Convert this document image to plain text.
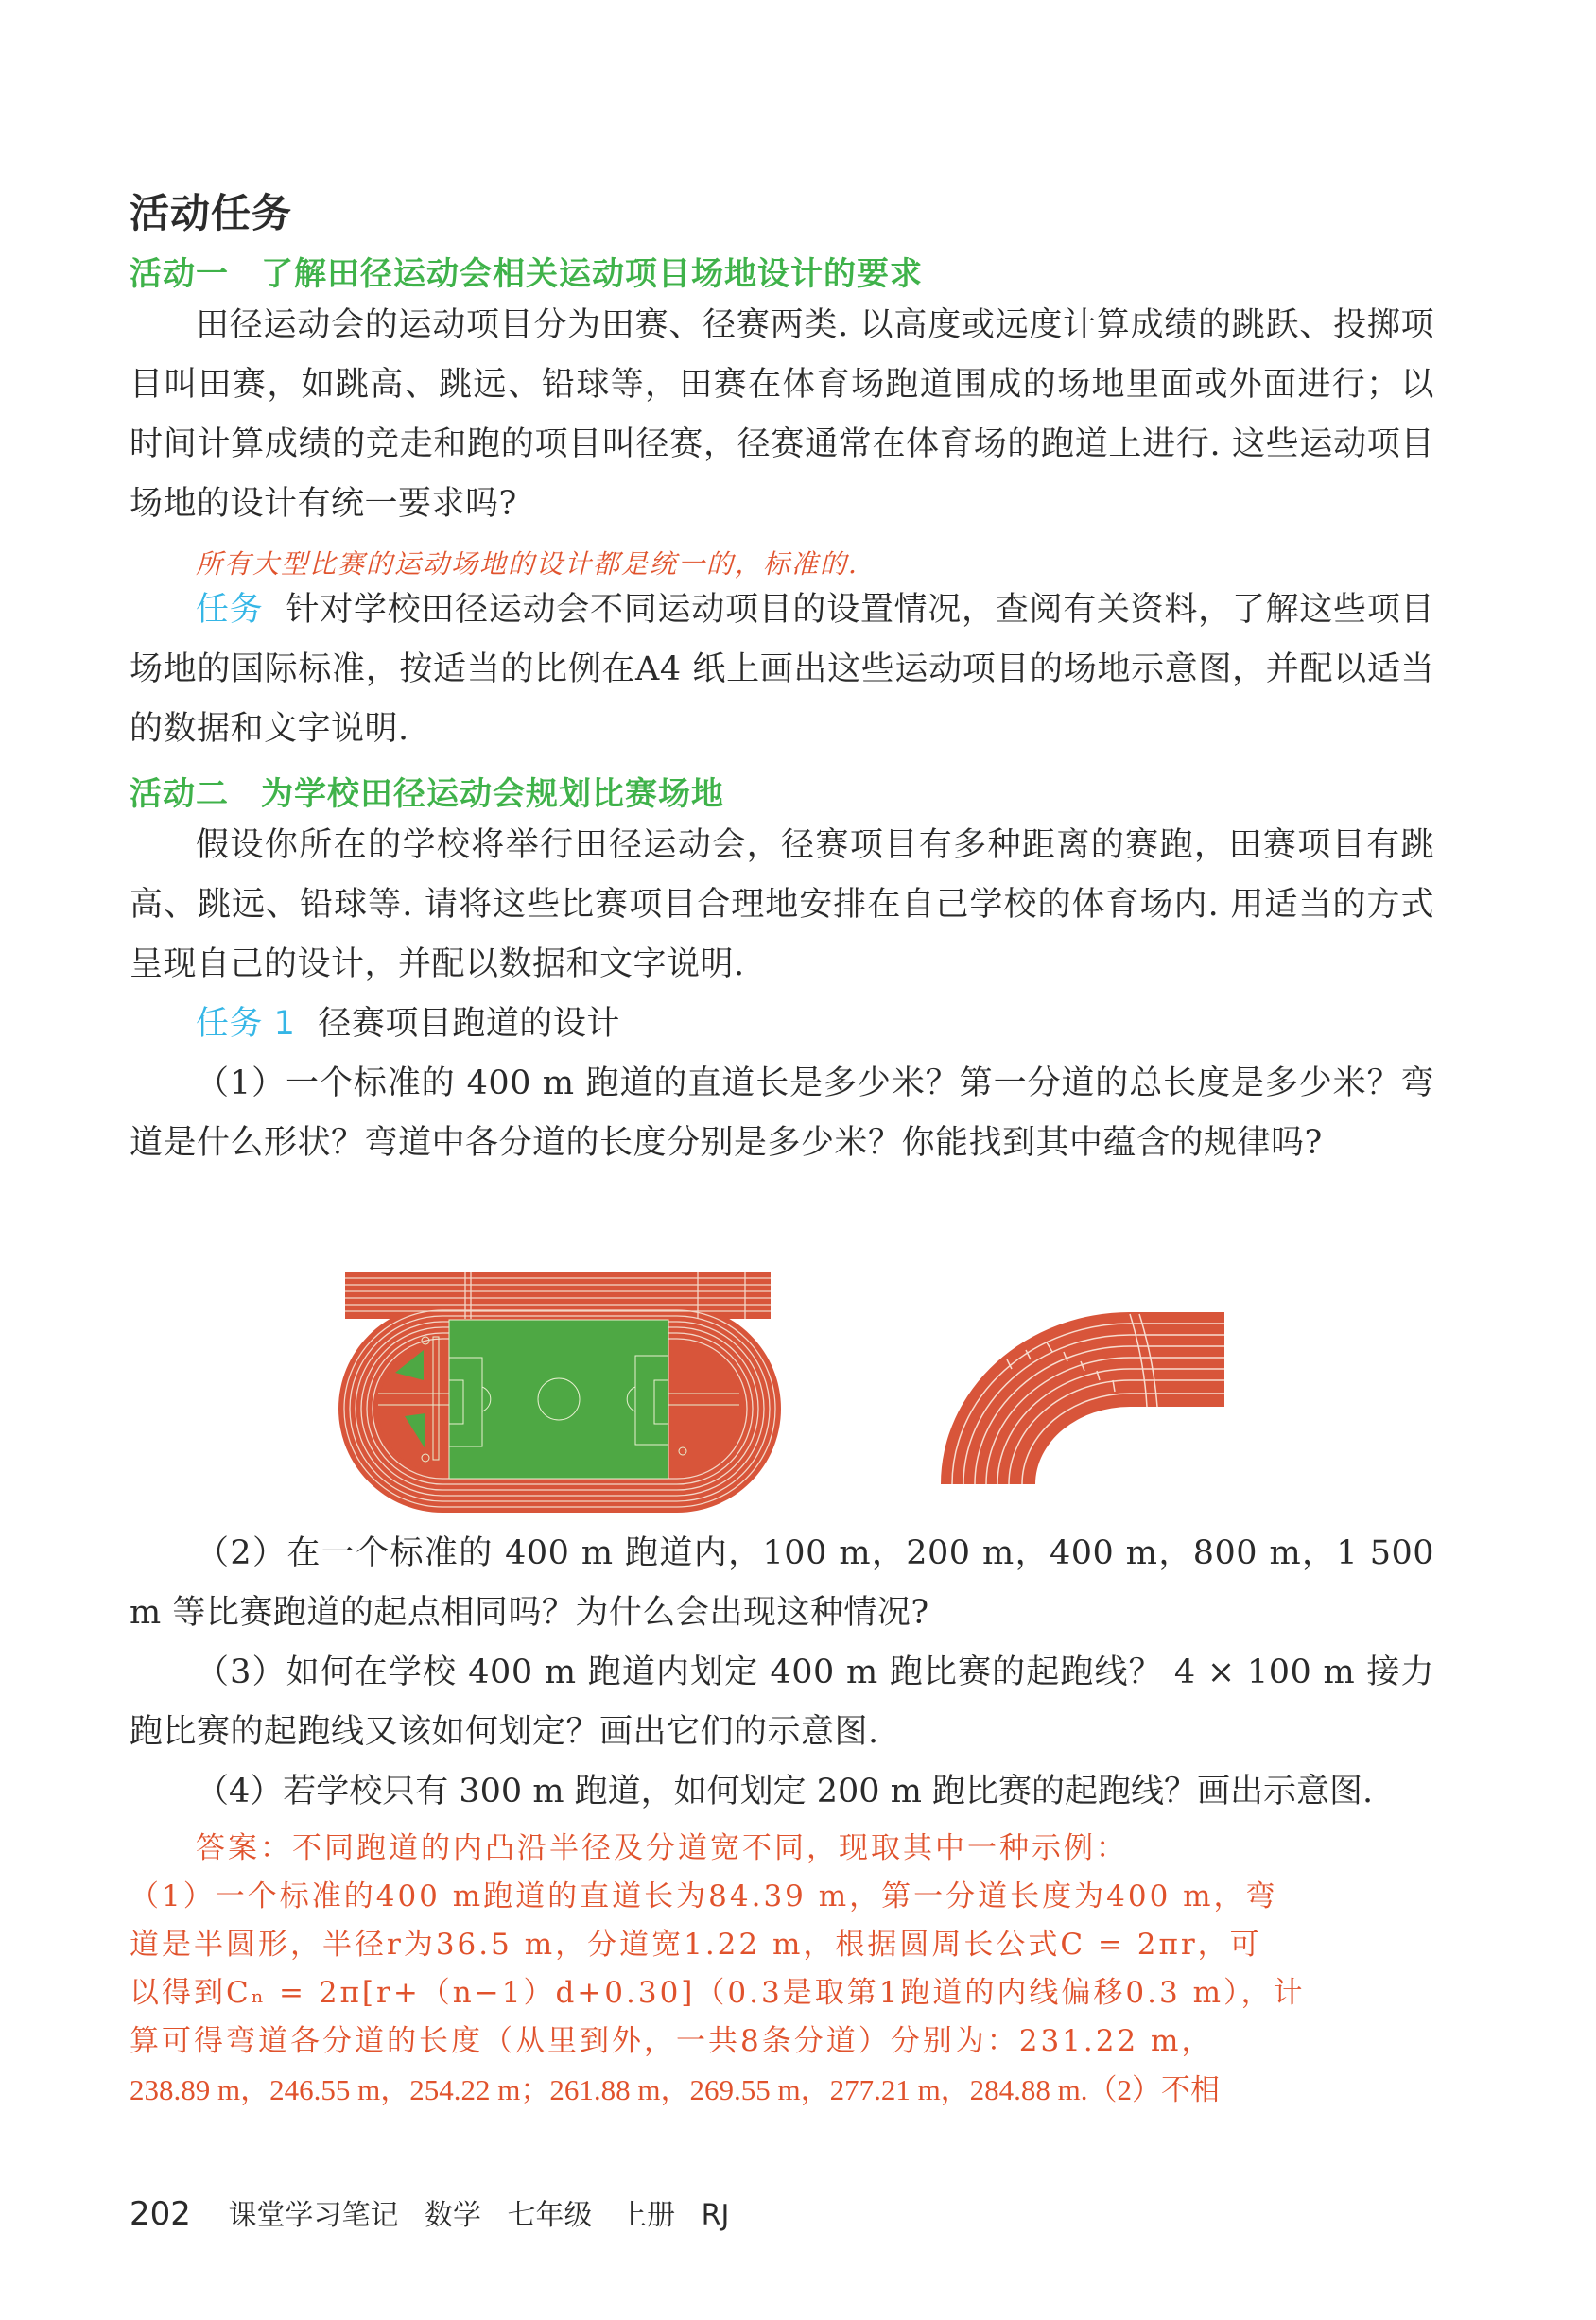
活动任务
活动一 了解田径运动会相关运动项目场地设计的要求
田径运动会的运动项目分为田赛、径赛两类. 以高度或远度计算成绩的跳跃、投掷项目叫田赛，如跳高、跳远、铅球等，田赛在体育场跑道围成的场地里面或外面进行；以时间计算成绩的竞走和跑的项目叫径赛，径赛通常在体育场的跑道上进行. 这些运动项目场地的设计有统一要求吗?
所有大型比赛的运动场地的设计都是统一的，标准的.
任务 针对学校田径运动会不同运动项目的设置情况，查阅有关资料，了解这些项目场地的国际标准，按适当的比例在A4 纸上画出这些运动项目的场地示意图，并配以适当的数据和文字说明.
活动二 为学校田径运动会规划比赛场地
假设你所在的学校将举行田径运动会，径赛项目有多种距离的赛跑，田赛项目有跳高、跳远、铅球等. 请将这些比赛项目合理地安排在自己学校的体育场内. 用适当的方式呈现自己的设计，并配以数据和文字说明.
任务 1 径赛项目跑道的设计
（1）一个标准的 400 m 跑道的直道长是多少米？第一分道的总长度是多少米？弯道是什么形状？弯道中各分道的长度分别是多少米？你能找到其中蕴含的规律吗?
（2）在一个标准的 400 m 跑道内，100 m，200 m，400 m，800 m，1 500 m 等比赛跑道的起点相同吗？为什么会出现这种情况?
（3）如何在学校 400 m 跑道内划定 400 m 跑比赛的起跑线？ 4 × 100 m 接力跑比赛的起跑线又该如何划定？画出它们的示意图.
（4）若学校只有 300 m 跑道，如何划定 200 m 跑比赛的起跑线？画出示意图.
答案：不同跑道的内凸沿半径及分道宽不同，现取其中一种示例：
（1）一个标准的400 m跑道的直道长为84.39 m，第一分道长度为400 m，弯
道是半圆形，半径r为36.5 m，分道宽1.22 m，根据圆周长公式C = 2πr，可
以得到Cₙ = 2π[r+（n−1）d+0.30]（0.3是取第1跑道的内线偏移0.3 m），计
算可得弯道各分道的长度（从里到外，一共8条分道）分别为：231.22 m，
238.89 m，246.55 m，254.22 m；261.88 m，269.55 m，277.21 m，284.88 m.（2）不相
202 课堂学习笔记 数学 七年级 上册 RJ
